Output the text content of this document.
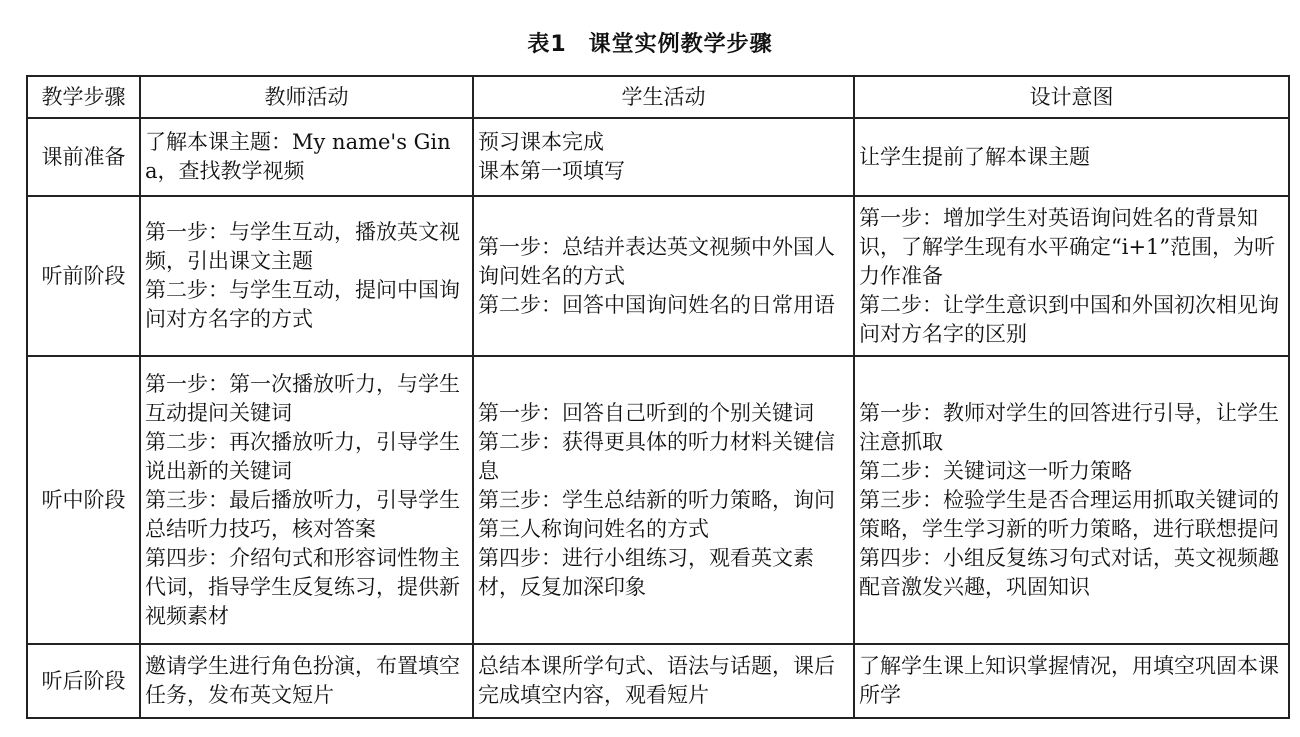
表1 课堂实例教学步骤
教学步骤	教师活动	学生活动	设计意图
课前准备	了解本课主题：My name's Gina，查找教学视频	预习课本完成
课本第一项填写	让学生提前了解本课主题

听前阶段	第一步：与学生互动，播放英文视频，引出课文主题
第二步：与学生互动，提问中国询问对方名字的方式	第一步：总结并表达英文视频中外国人询问姓名的方式
第二步：回答中国询问姓名的日常用语	第一步：增加学生对英语询问姓名的背景知识，了解学生现有水平确定“i+1”范围，为听力作准备
第二步：让学生意识到中国和外国初次相见询问对方名字的区别

听中阶段	第一步：第一次播放听力，与学生互动提问关键词
第二步：再次播放听力，引导学生说出新的关键词
第三步：最后播放听力，引导学生总结听力技巧，核对答案
第四步：介绍句式和形容词性物主代词，指导学生反复练习，提供新视频素材	第一步：回答自己听到的个别关键词
第二步：获得更具体的听力材料关键信息
第三步：学生总结新的听力策略，询问第三人称询问姓名的方式
第四步：进行小组练习，观看英文素材，反复加深印象	第一步：教师对学生的回答进行引导，让学生注意抓取
第二步：关键词这一听力策略
第三步：检验学生是否合理运用抓取关键词的策略，学生学习新的听力策略，进行联想提问
第四步：小组反复练习句式对话，英文视频趣配音激发兴趣，巩固知识

听后阶段	邀请学生进行角色扮演，布置填空任务，发布英文短片	总结本课所学句式、语法与话题，课后完成填空内容，观看短片	了解学生课上知识掌握情况，用填空巩固本课所学
